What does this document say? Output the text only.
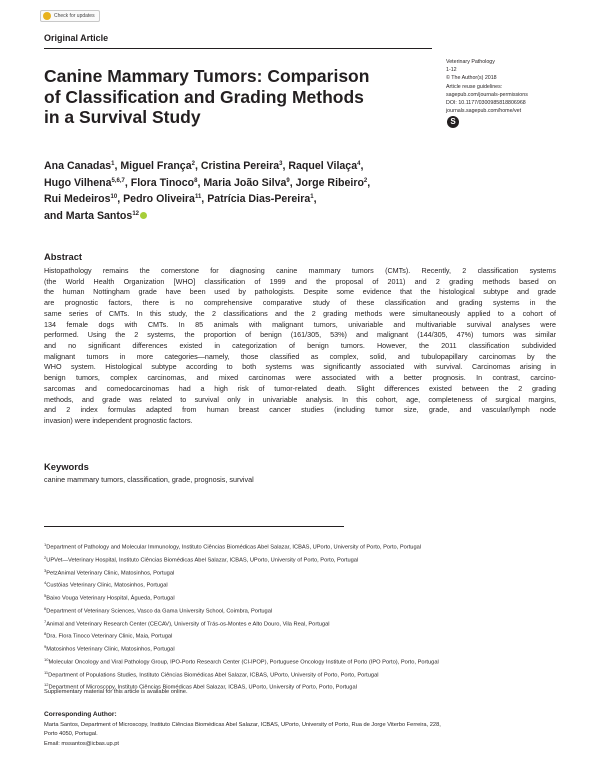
Check for updates
Original Article
Veterinary Pathology
1-12
© The Author(s) 2018
Article reuse guidelines:
sagepub.com/journals-permissions
DOI: 10.1177/0300985818806968
journals.sagepub.com/home/vet
S
Canine Mammary Tumors: Comparison
of Classification and Grading Methods
in a Survival Study
Ana Canadas$^1$, Miguel França$^2$, Cristina Pereira$^3$, Raquel Vilaça$^4$,
Hugo Vilhena$^{5,6,7}$, Flora Tinoco$^8$, Maria João Silva$^9$, Jorge Ribeiro$^2$,
Rui Medeiros$^{10}$, Pedro Oliveira$^{11}$, Patrícia Dias-Pereira$^1$,
and Marta Santos$^{12}$
Abstract
Histopathology remains the cornerstone for diagnosing canine mammary tumors (CMTs). Recently, 2 classification systems
(the World Health Organization [WHO] classification of 1999 and the proposal of 2011) and 2 grading methods based on
the human Nottingham grade have been used by pathologists. Despite some evidence that the histological subtype and grade
are prognostic factors, there is no comprehensive comparative study of these classification and grading systems in the
same series of CMTs. In this study, the 2 classifications and the 2 grading methods were simultaneously applied to a cohort of
134 female dogs with CMTs. In 85 animals with malignant tumors, univariable and multivariable survival analyses were
performed. Using the 2 systems, the proportion of benign (161/305, 53%) and malignant (144/305, 47%) tumors was similar
and no significant differences existed in categorization of benign tumors. However, the 2011 classification subdivided
malignant tumors in more categories—namely, those classified as complex, solid, and tubulopapillary carcinomas by the
WHO system. Histological subtype according to both systems was significantly associated with survival. Carcinomas arising in
benign tumors, complex carcinomas, and mixed carcinomas were associated with a better prognosis. In contrast, carcino-
sarcomas and comedocarcinomas had a high risk of tumor-related death. Slight differences existed between the 2 grading
methods, and grade was related to survival only in univariable analysis. In this cohort, age, completeness of surgical margins,
and 2 index formulas adapted from human breast cancer studies (including tumor size, grade, and vascular/lymph node
invasion) were independent prognostic factors.
Keywords
canine mammary tumors, classification, grade, prognosis, survival
$^1$Department of Pathology and Molecular Immunology, Instituto Ciências Biomédicas Abel Salazar, ICBAS, UPorto, University of Porto, Porto, Portugal
$^2$UPVet—Veterinary Hospital, Instituto Ciências Biomédicas Abel Salazar, ICBAS, UPorto, University of Porto, Porto, Portugal
$^3$PetzAnimal Veterinary Clinic, Matosinhos, Portugal
$^4$Custóias Veterinary Clinic, Matosinhos, Portugal
$^5$Baixo Vouga Veterinary Hospital, Águeda, Portugal
$^6$Department of Veterinary Sciences, Vasco da Gama University School, Coimbra, Portugal
$^7$Animal and Veterinary Research Center (CECAV), University of Trás-os-Montes e Alto Douro, Vila Real, Portugal
$^8$Dra. Flora Tinoco Veterinary Clinic, Maia, Portugal
$^9$Matosinhos Veterinary Clinic, Matosinhos, Portugal
$^{10}$Molecular Oncology and Viral Pathology Group, IPO-Porto Research Center (CI-IPOP), Portuguese Oncology Institute of Porto (IPO Porto), Porto, Portugal
$^{11}$Department of Populations Studies, Instituto Ciências Biomédicas Abel Salazar, ICBAS, UPorto, University of Porto, Porto, Portugal
$^{12}$Department of Microscopy, Instituto Ciências Biomédicas Abel Salazar, ICBAS, UPorto, University of Porto, Porto, Portugal
Supplementary material for this article is available online.
Corresponding Author:
Marta Santos, Department of Microscopy, Instituto Ciências Biomédicas Abel Salazar, ICBAS, UPorto, University of Porto, Rua de Jorge Viterbo Ferreira, 228,
Porto 4050, Portugal.
Email: mssantos@icbas.up.pt
